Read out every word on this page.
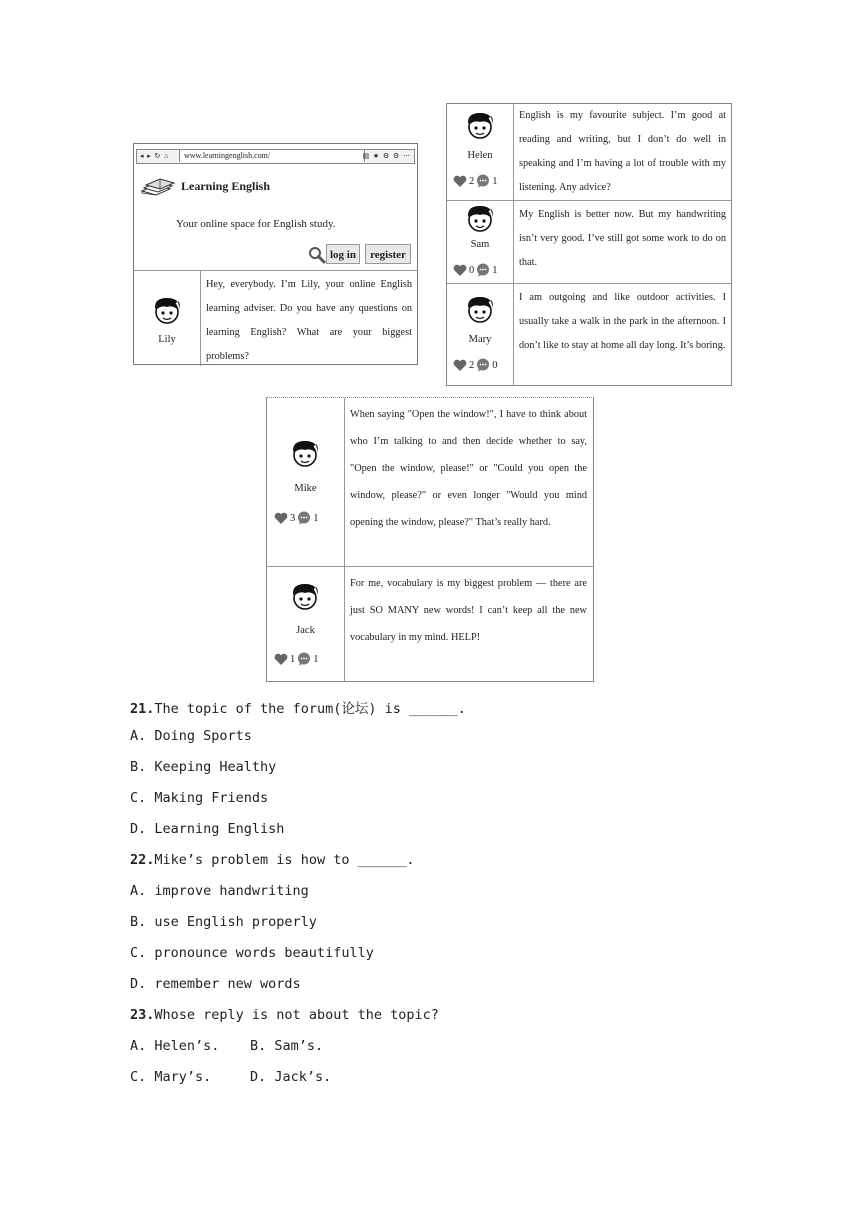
◂ ▸ ↻ ⌂	www.learningenglish.com/	▤ ★ ⚙ ⚙ ⋯
Learning English
Your online space for English study.
log in	register
Lily
Hey, everybody. I’m Lily, your online English learning adviser. Do you have any questions on learning English? What are your biggest problems?
Helen
2 1
English is my favourite subject. I’m good at reading and writing, but I don’t do well in speaking and I’m having a lot of trouble with my listening. Any advice?
Sam
0 1
My English is better now. But my handwriting isn’t very good. I’ve still got some work to do on that.
Mary
2 0
I am outgoing and like outdoor activities. I usually take a walk in the park in the afternoon. I don’t like to stay at home all day long. It’s boring.
Mike
3 1
When saying "Open the window!", I have to think about who I’m talking to and then decide whether to say, "Open the window, please!" or "Could you open the window, please?" or even longer "Would you mind opening the window, please?" That’s really hard.
Jack
1 1
For me, vocabulary is my biggest problem — there are just SO MANY new words! I can’t keep all the new vocabulary in my mind. HELP!
21.The topic of the forum(论坛) is ______.
A. Doing Sports
B. Keeping Healthy
C. Making Friends
D. Learning English
22.Mike’s problem is how to ______.
A. improve handwriting
B. use English properly
C. pronounce words beautifully
D. remember new words
23.Whose reply is not about the topic?
A. Helen’s. B. Sam’s.
C. Mary’s.	D. Jack’s.
